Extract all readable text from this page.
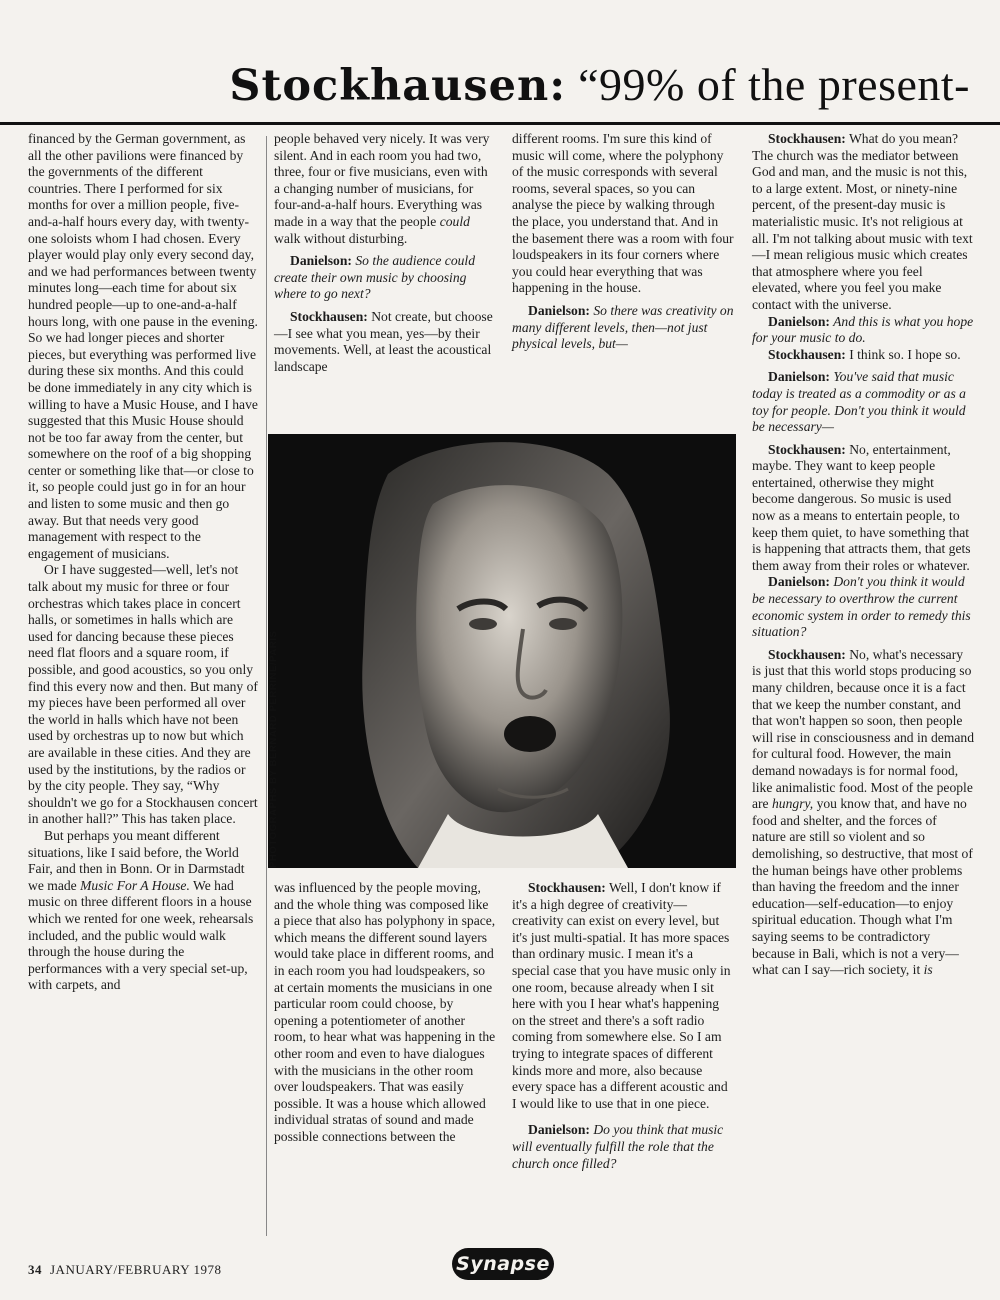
Stockhausen: “99% of the present-

financed by the German government, as all the other pavilions were financed by the governments of the different countries. There I performed for six months for over a million people, five-and-a-half hours every day, with twenty-one soloists whom I had chosen. Every player would play only every second day, and we had performances between twenty minutes long—each time for about six hundred people—up to one-and-a-half hours long, with one pause in the evening. So we had longer pieces and shorter pieces, but everything was performed live during these six months. And this could be done immediately in any city which is willing to have a Music House, and I have suggested that this Music House should not be too far away from the center, but somewhere on the roof of a big shopping center or something like that—or close to it, so people could just go in for an hour and listen to some music and then go away. But that needs very good management with respect to the engagement of musicians.

Or I have suggested—well, let's not talk about my music for three or four orchestras which takes place in concert halls, or sometimes in halls which are used for dancing because these pieces need flat floors and a square room, if possible, and good acoustics, so you only find this every now and then. But many of my pieces have been performed all over the world in halls which have not been used by orchestras up to now but which are available in these cities. And they are used by the institutions, by the radios or by the city people. They say, “Why shouldn't we go for a Stockhausen concert in another hall?” This has taken place.

But perhaps you meant different situations, like I said before, the World Fair, and then in Bonn. Or in Darmstadt we made Music For A House. We had music on three different floors in a house which we rented for one week, rehearsals included, and the public would walk through the house during the performances with a very special set-up, with carpets, and

people behaved very nicely. It was very silent. And in each room you had two, three, four or five musicians, even with a changing number of musicians, for four-and-a-half hours. Everything was made in a way that the people could walk without disturbing.

Danielson: So the audience could create their own music by choosing where to go next?

Stockhausen: Not create, but choose—I see what you mean, yes—by their movements. Well, at least the acoustical landscape

different rooms. I'm sure this kind of music will come, where the polyphony of the music corresponds with several rooms, several spaces, so you can analyse the piece by walking through the place, you understand that. And in the basement there was a room with four loudspeakers in its four corners where you could hear everything that was happening in the house.

Danielson: So there was creativity on many different levels, then—not just physical levels, but—

Stockhausen: What do you mean? The church was the mediator between God and man, and the music is not this, to a large extent. Most, or ninety-nine percent, of the present-day music is materialistic music. It's not religious at all. I'm not talking about music with text—I mean religious music which creates that atmosphere where you feel elevated, where you feel you make contact with the universe.

Danielson: And this is what you hope for your music to do.

Stockhausen: I think so. I hope so.

Danielson: You've said that music today is treated as a commodity or as a toy for people. Don't you think it would be necessary—

Stockhausen: No, entertainment, maybe. They want to keep people entertained, otherwise they might become dangerous. So music is used now as a means to entertain people, to keep them quiet, to have something that is happening that attracts them, that gets them away from their roles or whatever.

Danielson: Don't you think it would be necessary to overthrow the current economic system in order to remedy this situation?

Stockhausen: No, what's necessary is just that this world stops producing so many children, because once it is a fact that we keep the number constant, and that won't happen so soon, then people will rise in consciousness and in demand for cultural food. However, the main demand nowadays is for normal food, like animalistic food. Most of the people are hungry, you know that, and have no food and shelter, and the forces of nature are still so violent and so demolishing, so destructive, that most of the human beings have other problems than having the freedom and the inner education—self-education—to enjoy spiritual education. Though what I'm saying seems to be contradictory because in Bali, which is not a very—what can I say—rich society, it is

PHOTOGRAPHS BY BERNARD PERRINE/PARIS

was influenced by the people moving, and the whole thing was composed like a piece that also has polyphony in space, which means the different sound layers would take place in different rooms, and in each room you had loudspeakers, so at certain moments the musicians in one particular room could choose, by opening a potentiometer of another room, to hear what was happening in the other room and even to have dialogues with the musicians in the other room over loudspeakers. That was easily possible. It was a house which allowed individual stratas of sound and made possible connections between the

Stockhausen: Well, I don't know if it's a high degree of creativity—creativity can exist on every level, but it's just multi-spatial. It has more spaces than ordinary music. I mean it's a special case that you have music only in one room, because already when I sit here with you I hear what's happening on the street and there's a soft radio coming from somewhere else. So I am trying to integrate spaces of different kinds more and more, also because every space has a different acoustic and I would like to use that in one piece.

Danielson: Do you think that music will eventually fulfill the role that the church once filled?

34 JANUARY/FEBRUARY 1978	Synapse
